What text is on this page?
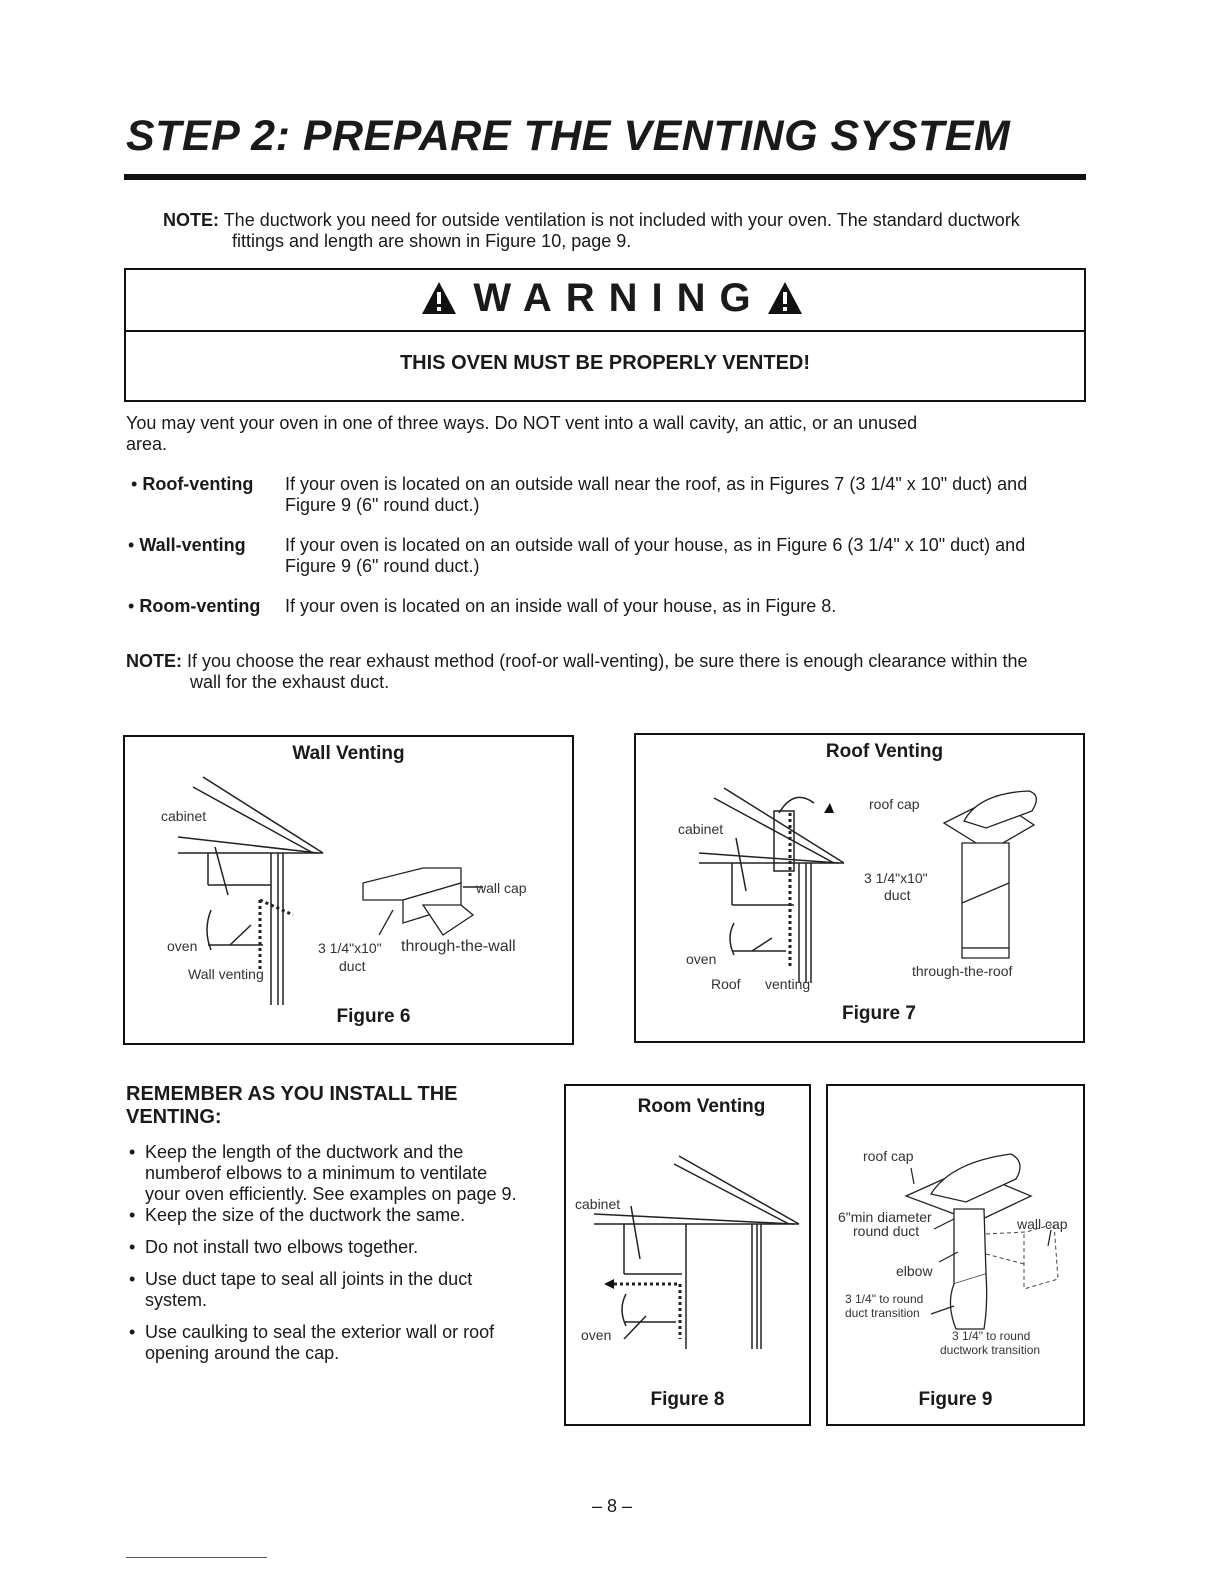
STEP 2: PREPARE THE VENTING SYSTEM
NOTE: The ductwork you need for outside ventilation is not included with your oven. The standard ductwork
fittings and length are shown in Figure 10, page 9.
WARNING
THIS OVEN MUST BE PROPERLY VENTED!
You may vent your oven in one of three ways. Do NOT vent into a wall cavity, an attic, or an unused
area.
• Roof-venting If your oven is located on an outside wall near the roof, as in Figures 7 (3 1/4" x 10" duct) and
Figure 9 (6" round duct.)
• Wall-venting If your oven is located on an outside wall of your house, as in Figure 6 (3 1/4" x 10" duct) and
Figure 9 (6" round duct.)
• Room-venting If your oven is located on an inside wall of your house, as in Figure 8.
NOTE: If you choose the rear exhaust method (roof-or wall-venting), be sure there is enough clearance within the
wall for the exhaust duct.
Wall Venting
cabinet
oven
Wall venting
wall cap
3 1/4"x10"
duct
through-the-wall
Figure 6
Roof Venting
roof cap
cabinet
3 1/4"x10"
duct
oven
through-the-roof
Roof venting
Figure 7
REMEMBER AS YOU INSTALL THE
VENTING:
• Keep the length of the ductwork and the
numberof elbows to a minimum to ventilate
your oven efficiently. See examples on page 9.
• Keep the size of the ductwork the same.
• Do not install two elbows together.
• Use duct tape to seal all joints in the duct
system.
• Use caulking to seal the exterior wall or roof
opening around the cap.
Room Venting
cabinet
oven
Figure 8
roof cap
6"min diameter
round duct	wall cap
elbow
3 1/4" to round
duct transition
3 1/4" to round
ductwork transition
Figure 9
– 8 –
